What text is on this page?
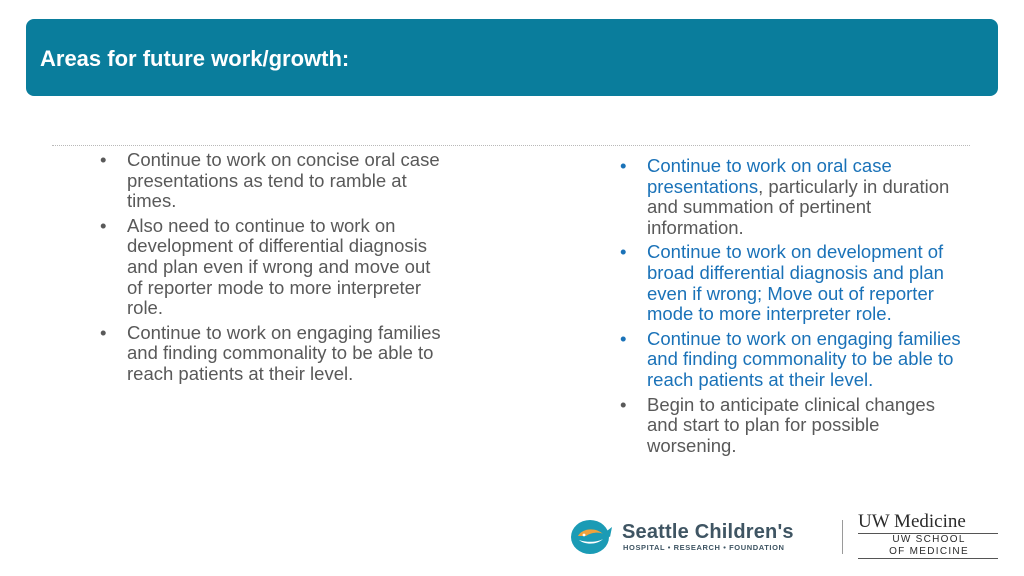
Areas for future work/growth:
•	Continue to work on concise oral case presentations as tend to ramble at times.
•	Also need to continue to work on development of differential diagnosis and plan even if wrong and move out of reporter mode to more interpreter role.
•	Continue to work on engaging families and finding commonality to be able to reach patients at their level.
•	Continue to work on oral case presentations, particularly in duration and summation of pertinent information.
•	Continue to work on development of broad differential diagnosis and plan even if wrong; Move out of reporter mode to more interpreter role.
•	Continue to work on engaging families and finding commonality to be able to reach patients at their level.
•	Begin to anticipate clinical changes and start to plan for possible worsening.
Seattle Children's
HOSPITAL • RESEARCH • FOUNDATION
UW Medicine
UW SCHOOL
OF MEDICINE
